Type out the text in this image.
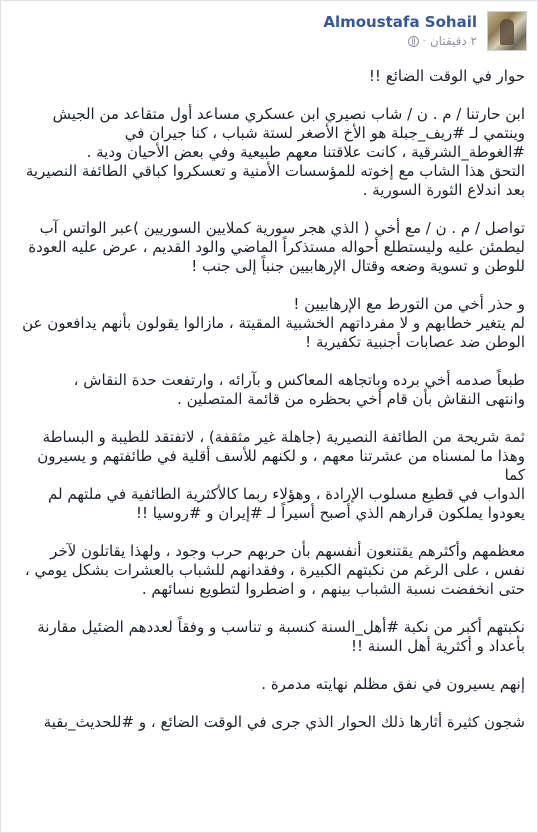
Almoustafa Sohail
٢ دقيقتان
·

حوار في الوقت الضائع !!

ابن حارتنا / م . ن / شاب نصيري ابن عسكري مساعد أول متقاعد من الجيش
وينتمي لـ #ريف_جبلة هو الأخ الأصغر لستة شباب ، كنا جيران في
#الغوطة_الشرقية ، كانت علاقتنا معهم طبيعية وفي بعض الأحيان ودية .
التحق هذا الشاب مع إخوته للمؤسسات الأمنية و تعسكروا كباقي الطائفة النصيرية
بعد اندلاع الثورة السورية .

تواصل / م . ن / مع أخي ( الذي هجر سورية كملايين السوريين )عبر الواتس آب
ليطمئن عليه وليستطلع أحواله مستذكراً الماضي والود القديم ، عرض عليه العودة
للوطن و تسوية وضعه وقتال الإرهابيين جنباً إلى جنب !

و حذر أخي من التورط مع الإرهابيين !
لم يتغير خطابهم و لا مفرداتهم الخشبية المقيتة ، مازالوا يقولون بأنهم يدافعون عن
الوطن ضد عصابات أجنبية تكفيرية !

طبعاً صدمه أخي برده وباتجاهه المعاكس و بآرائه ، وارتفعت حدة النقاش ،
وانتهى النقاش بأن قام أخي بحظره من قائمة المتصلين .

ثمة شريحة من الطائفة النصيرية (جاهلة غير مثقفة) ، لاتفتقد للطيبة و البساطة
وهذا ما لمسناه من عشرتنا معهم ، و لكنهم للأسف أقلية في طائفتهم و يسيرون كما
الدواب في قطيع مسلوب الإرادة ، وهؤلاء ربما كالأكثرية الطائفية في ملتهم لم
يعودوا يملكون قرارهم الذي أصبح أسيراً لـ #إيران و #روسيا !!

معظمهم وأكثرهم يقتنعون أنفسهم بأن حربهم حرب وجود ، ولهذا يقاتلون لآخر
نفس ، على الرغم من نكبتهم الكبيرة ، وفقدانهم للشباب بالعشرات بشكل يومي ،
حتى انخفضت نسبة الشباب بينهم ، و اضطروا لتطويع نسائهم .

نكبتهم أكبر من نكبة #أهل_السنة كنسبة و تناسب و وفقاً لعددهم الضئيل مقارنة
بأعداد و أكثرية أهل السنة !!

إنهم يسيرون في نفق مظلم نهايته مدمرة .

شجون كثيرة أثارها ذلك الحوار الذي جرى في الوقت الضائع ، و #للحديث_بقية
